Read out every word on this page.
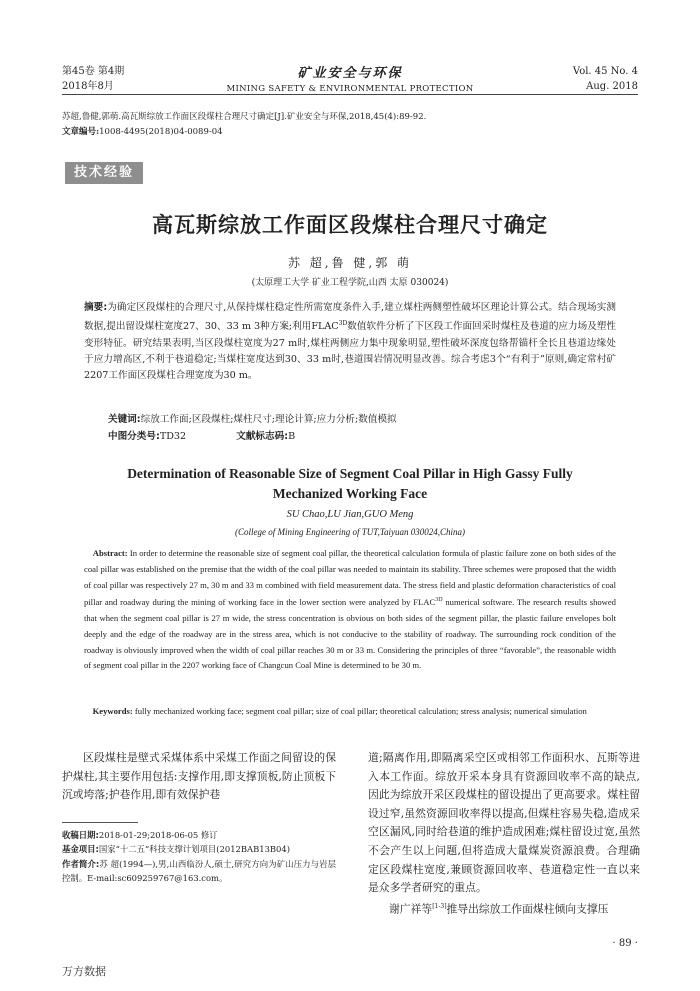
第45卷 第4期
2018年8月
矿业安全与环保
MINING SAFETY & ENVIRONMENTAL PROTECTION
Vol. 45 No. 4
Aug. 2018
苏超,鲁健,郭萌.高瓦斯综放工作面区段煤柱合理尺寸确定[J].矿业安全与环保,2018,45(4):89-92.
文章编号:1008-4495(2018)04-0089-04
技术经验
高瓦斯综放工作面区段煤柱合理尺寸确定
苏 超,鲁 健,郭 萌
(太原理工大学 矿业工程学院,山西 太原 030024)
摘要:为确定区段煤柱的合理尺寸,从保持煤柱稳定性所需宽度条件入手,建立煤柱两侧塑性破坏区理论计算公式。结合现场实测数据,提出留设煤柱宽度27、30、33 m 3种方案;利用$FLAC^{3D}$数值软件分析了下区段工作面回采时煤柱及巷道的应力场及塑性变形特征。研究结果表明,当区段煤柱宽度为27 m时,煤柱两侧应力集中现象明显,塑性破坏深度包络帮锚杆全长且巷道边缘处于应力增高区,不利于巷道稳定;当煤柱宽度达到30、33 m时,巷道围岩情况明显改善。综合考虑3个“有利于”原则,确定常村矿2207工作面区段煤柱合理宽度为30 m。
关键词:综放工作面;区段煤柱;煤柱尺寸;理论计算;应力分析;数值模拟
中图分类号:TD32	文献标志码:B
Determination of Reasonable Size of Segment Coal Pillar in High Gassy Fully Mechanized Working Face
SU Chao,LU Jian,GUO Meng
(College of Mining Engineering of TUT,Taiyuan 030024,China)
Abstract: In order to determine the reasonable size of segment coal pillar, the theoretical calculation formula of plastic failure zone on both sides of the coal pillar was established on the premise that the width of the coal pillar was needed to maintain its stability. Three schemes were proposed that the width of coal pillar was respectively 27 m, 30 m and 33 m combined with field measurement data. The stress field and plastic deformation characteristics of coal pillar and roadway during the mining of working face in the lower section were analyzed by $FLAC^{3D}$ numerical software. The research results showed that when the segment coal pillar is 27 m wide, the stress concentration is obvious on both sides of the segment pillar, the plastic failure envelopes bolt deeply and the edge of the roadway are in the stress area, which is not conducive to the stability of roadway. The surrounding rock condition of the roadway is obviously improved when the width of coal pillar reaches 30 m or 33 m. Considering the principles of three “favorable”, the reasonable width of segment coal pillar in the 2207 working face of Changcun Coal Mine is determined to be 30 m.
Keywords: fully mechanized working face; segment coal pillar; size of coal pillar; theoretical calculation; stress analysis; numerical simulation
区段煤柱是壁式采煤体系中采煤工作面之间留设的保护煤柱,其主要作用包括:支撑作用,即支撑顶板,防止顶板下沉或垮落;护巷作用,即有效保护巷
收稿日期:2018-01-29;2018-06-05 修订
基金项目:国家“十二五”科技支撑计划项目(2012BAB13B04)
作者简介:苏 超(1994—),男,山西临汾人,硕士,研究方向为矿山压力与岩层控制。E-mail:sc609259767@163.com。
道;隔离作用,即隔离采空区或相邻工作面积水、瓦斯等进入本工作面。综放开采本身具有资源回收率不高的缺点,因此为综放开采区段煤柱的留设提出了更高要求。煤柱留设过窄,虽然资源回收率得以提高,但煤柱容易失稳,造成采空区漏风,同时给巷道的维护造成困难;煤柱留设过宽,虽然不会产生以上问题,但将造成大量煤炭资源浪费。合理确定区段煤柱宽度,兼顾资源回收率、巷道稳定性一直以来是众多学者研究的重点。
谢广祥等[1-3]推导出综放工作面煤柱倾向支撑压
· 89 ·
万方数据
